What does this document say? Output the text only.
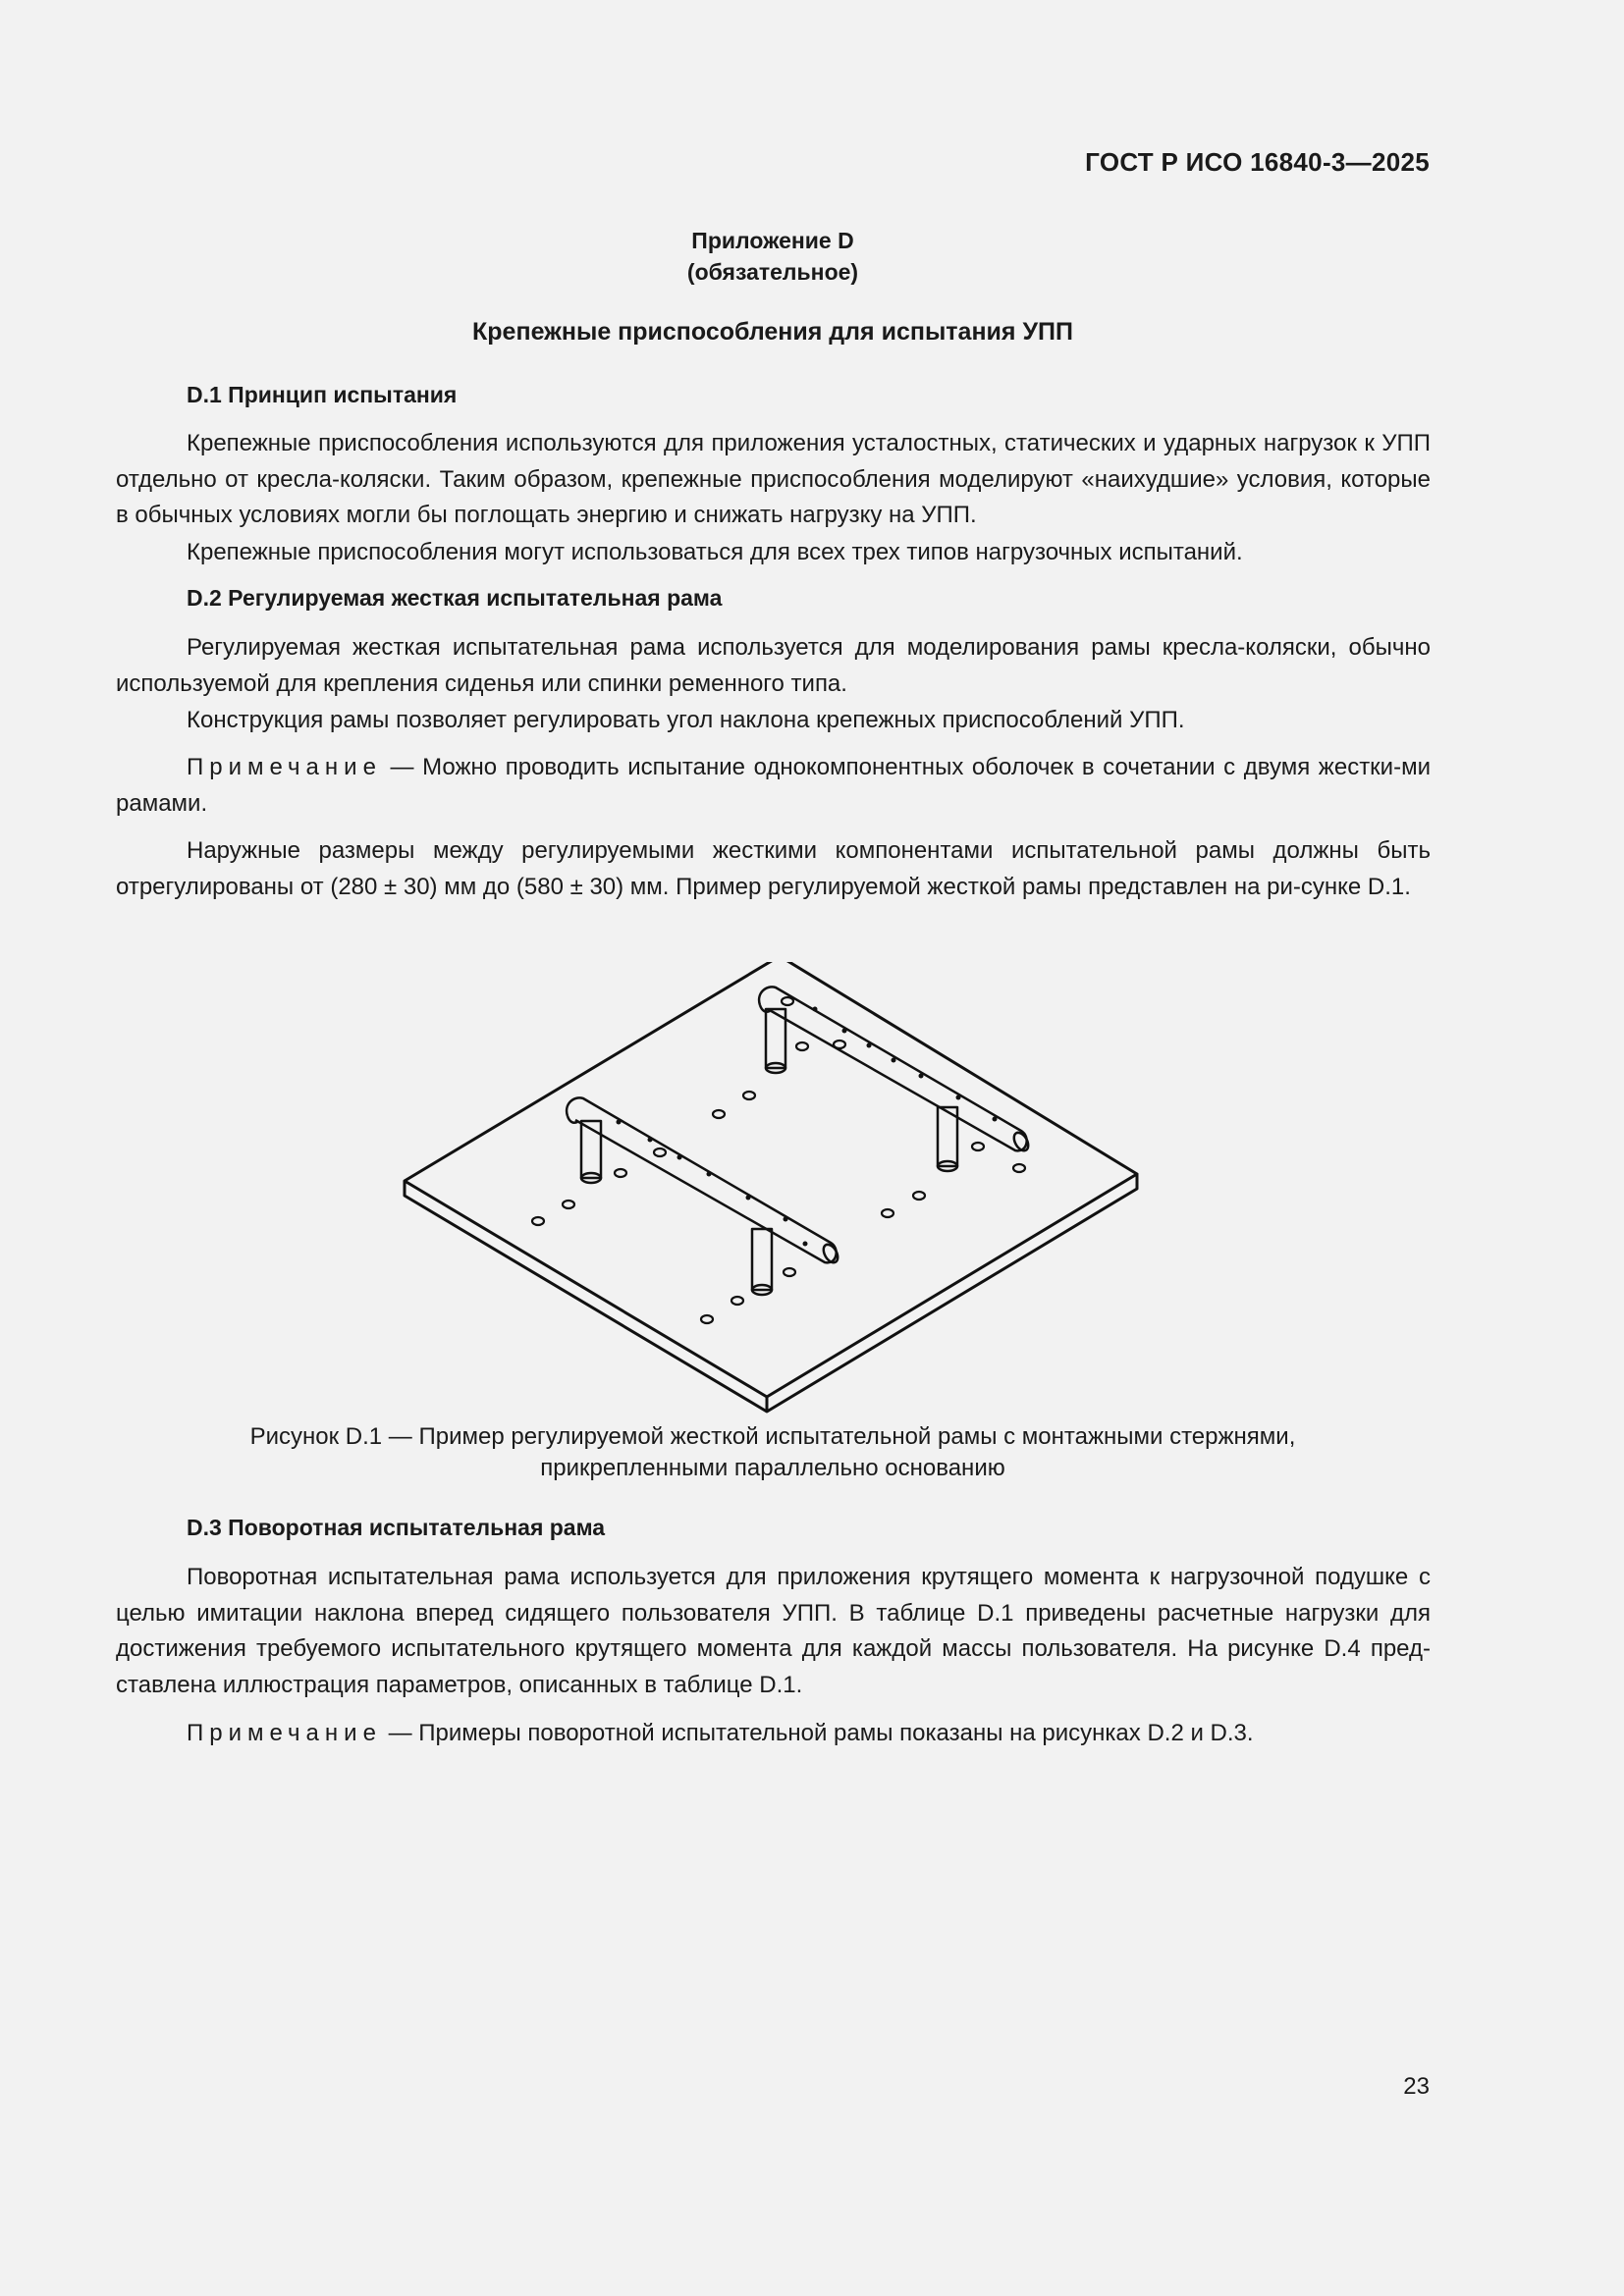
ГОСТ Р ИСО 16840-3—2025
Приложение D
(обязательное)
Крепежные приспособления для испытания УПП
D.1 Принцип испытания
Крепежные приспособления используются для приложения усталостных, статических и ударных нагрузок к УПП отдельно от кресла-коляски. Таким образом, крепежные приспособления моделируют «наихудшие» условия, которые в обычных условиях могли бы поглощать энергию и снижать нагрузку на УПП.
Крепежные приспособления могут использоваться для всех трех типов нагрузочных испытаний.
D.2 Регулируемая жесткая испытательная рама
Регулируемая жесткая испытательная рама используется для моделирования рамы кресла-коляски, обычно используемой для крепления сиденья или спинки ременного типа.
Конструкция рамы позволяет регулировать угол наклона крепежных приспособлений УПП.
Примечание — Можно проводить испытание однокомпонентных оболочек в сочетании с двумя жестки-ми рамами.
Наружные размеры между регулируемыми жесткими компонентами испытательной рамы должны быть отрегулированы от (280 ± 30) мм до (580 ± 30) мм. Пример регулируемой жесткой рамы представлен на ри-сунке D.1.
Рисунок D.1 — Пример регулируемой жесткой испытательной рамы с монтажными стержнями,
прикрепленными параллельно основанию
D.3 Поворотная испытательная рама
Поворотная испытательная рама используется для приложения крутящего момента к нагрузочной подушке с целью имитации наклона вперед сидящего пользователя УПП. В таблице D.1 приведены расчетные нагрузки для достижения требуемого испытательного крутящего момента для каждой массы пользователя. На рисунке D.4 пред-ставлена иллюстрация параметров, описанных в таблице D.1.
Примечание — Примеры поворотной испытательной рамы показаны на рисунках D.2 и D.3.
23
